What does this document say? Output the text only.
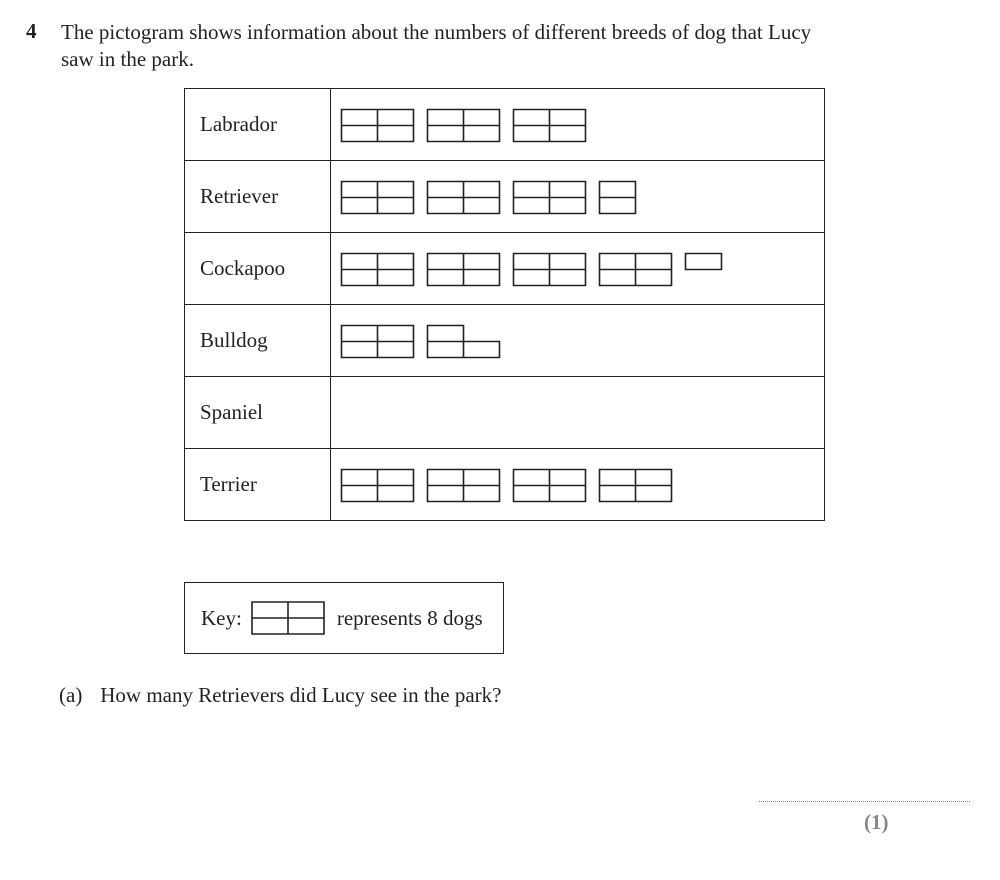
4 The pictogram shows information about the numbers of different breeds of dog that Lucy saw in the park.
Labrador	

Retriever	

Cockapoo	

Bulldog	

Spaniel	

Terrier	
Key:	represents 8 dogs
(a) How many Retrievers did Lucy see in the park?
(1)
